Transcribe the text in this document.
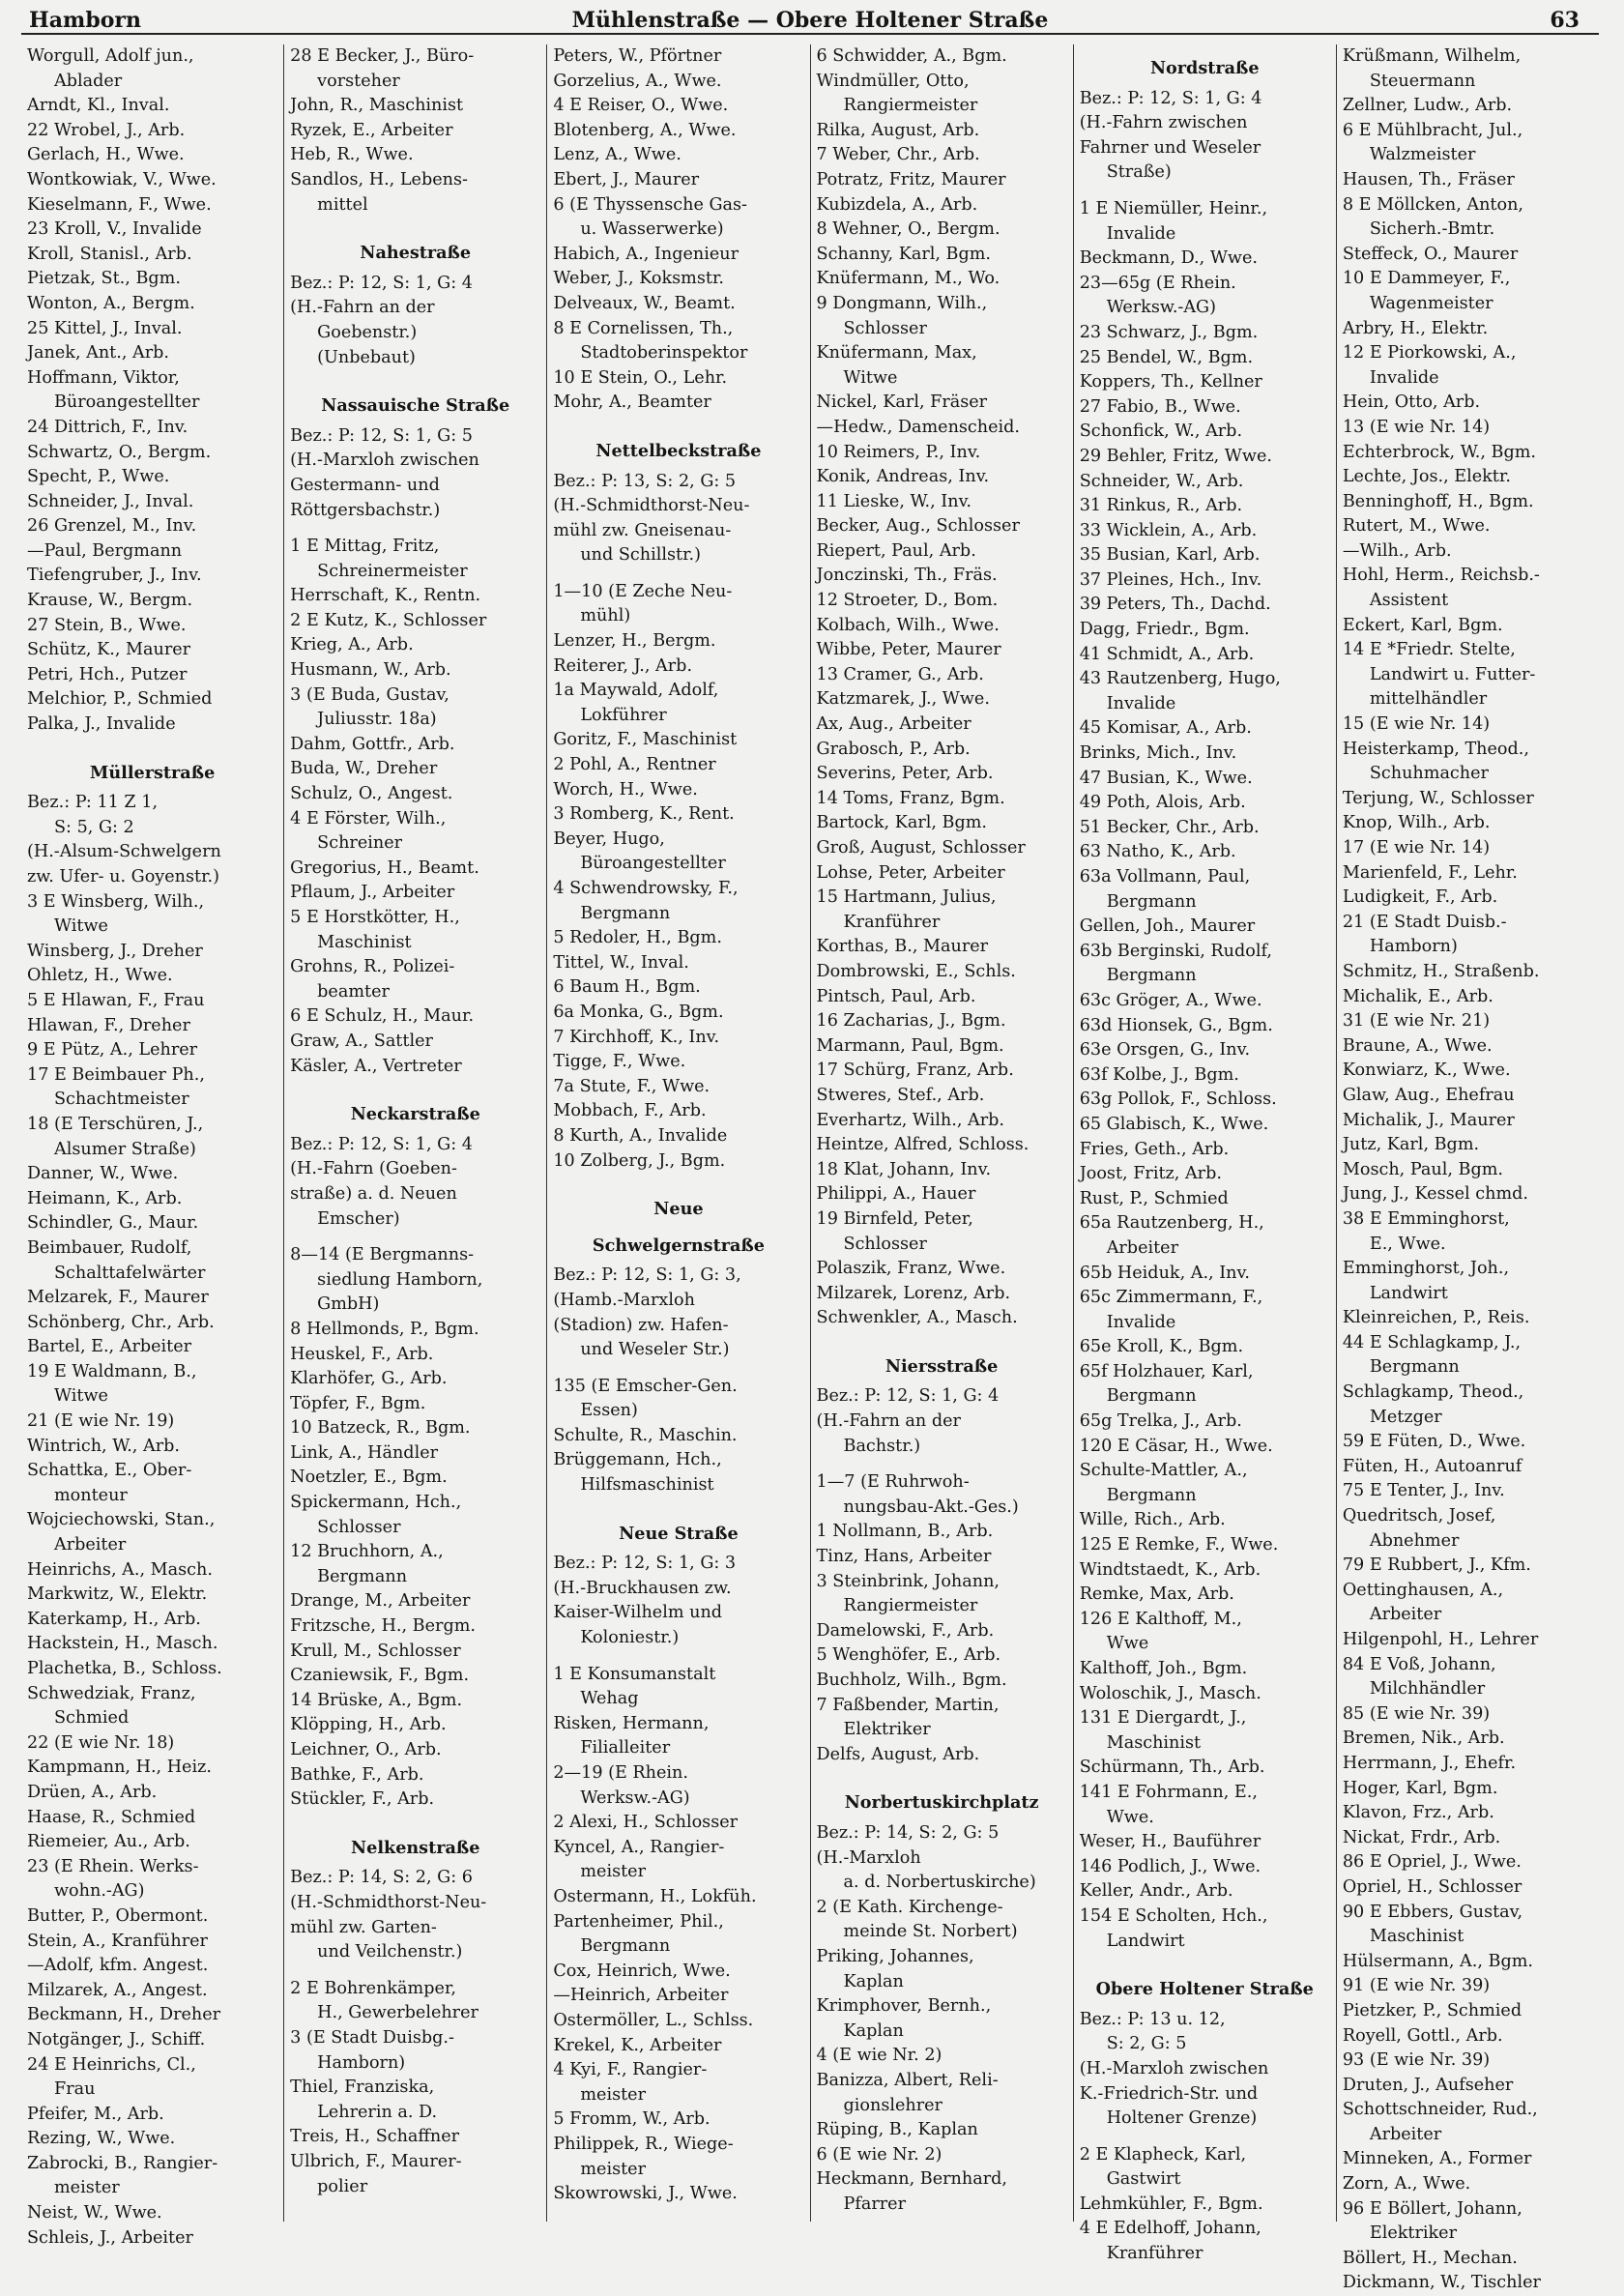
Hamborn	Mühlenstraße — Obere Holtener Straße	63
Worgull, Adolf jun.,
Ablader
Arndt, Kl., Inval.
22 Wrobel, J., Arb.
Gerlach, H., Wwe.
Wontkowiak, V., Wwe.
Kieselmann, F., Wwe.
23 Kroll, V., Invalide
Kroll, Stanisl., Arb.
Pietzak, St., Bgm.
Wonton, A., Bergm.
25 Kittel, J., Inval.
Janek, Ant., Arb.
Hoffmann, Viktor,
Büroangestellter
24 Dittrich, F., Inv.
Schwartz, O., Bergm.
Specht, P., Wwe.
Schneider, J., Inval.
26 Grenzel, M., Inv.
—Paul, Bergmann
Tiefengruber, J., Inv.
Krause, W., Bergm.
27 Stein, B., Wwe.
Schütz, K., Maurer
Petri, Hch., Putzer
Melchior, P., Schmied
Palka, J., Invalide
Müllerstraße
Bez.: P: 11 Z 1,
S: 5, G: 2
(H.-Alsum-Schwelgern
zw. Ufer- u. Goyenstr.)
3 E Winsberg, Wilh.,
Witwe
Winsberg, J., Dreher
Ohletz, H., Wwe.
5 E Hlawan, F., Frau
Hlawan, F., Dreher
9 E Pütz, A., Lehrer
17 E Beimbauer Ph.,
Schachtmeister
18 (E Terschüren, J.,
Alsumer Straße)
Danner, W., Wwe.
Heimann, K., Arb.
Schindler, G., Maur.
Beimbauer, Rudolf,
Schalttafelwärter
Melzarek, F., Maurer
Schönberg, Chr., Arb.
Bartel, E., Arbeiter
19 E Waldmann, B.,
Witwe
21 (E wie Nr. 19)
Wintrich, W., Arb.
Schattka, E., Ober-
monteur
Wojciechowski, Stan.,
Arbeiter
Heinrichs, A., Masch.
Markwitz, W., Elektr.
Katerkamp, H., Arb.
Hackstein, H., Masch.
Plachetka, B., Schloss.
Schwedziak, Franz,
Schmied
22 (E wie Nr. 18)
Kampmann, H., Heiz.
Drüen, A., Arb.
Haase, R., Schmied
Riemeier, Au., Arb.
23 (E Rhein. Werks-
wohn.-AG)
Butter, P., Obermont.
Stein, A., Kranführer
—Adolf, kfm. Angest.
Milzarek, A., Angest.
Beckmann, H., Dreher
Notgänger, J., Schiff.
24 E Heinrichs, Cl.,
Frau
Pfeifer, M., Arb.
Rezing, W., Wwe.
Zabrocki, B., Rangier-
meister
Neist, W., Wwe.
Schleis, J., Arbeiter
28 E Becker, J., Büro-
vorsteher
John, R., Maschinist
Ryzek, E., Arbeiter
Heb, R., Wwe.
Sandlos, H., Lebens-
mittel
Nahestraße
Bez.: P: 12, S: 1, G: 4
(H.-Fahrn an der
Goebenstr.)
(Unbebaut)
Nassauische Straße
Bez.: P: 12, S: 1, G: 5
(H.-Marxloh zwischen
Gestermann- und
Röttgersbachstr.)
1 E Mittag, Fritz,
Schreinermeister
Herrschaft, K., Rentn.
2 E Kutz, K., Schlosser
Krieg, A., Arb.
Husmann, W., Arb.
3 (E Buda, Gustav,
Juliusstr. 18a)
Dahm, Gottfr., Arb.
Buda, W., Dreher
Schulz, O., Angest.
4 E Förster, Wilh.,
Schreiner
Gregorius, H., Beamt.
Pflaum, J., Arbeiter
5 E Horstkötter, H.,
Maschinist
Grohns, R., Polizei-
beamter
6 E Schulz, H., Maur.
Graw, A., Sattler
Käsler, A., Vertreter
Neckarstraße
Bez.: P: 12, S: 1, G: 4
(H.-Fahrn (Goeben-
straße) a. d. Neuen
Emscher)
8—14 (E Bergmanns-
siedlung Hamborn,
GmbH)
8 Hellmonds, P., Bgm.
Heuskel, F., Arb.
Klarhöfer, G., Arb.
Töpfer, F., Bgm.
10 Batzeck, R., Bgm.
Link, A., Händler
Noetzler, E., Bgm.
Spickermann, Hch.,
Schlosser
12 Bruchhorn, A.,
Bergmann
Drange, M., Arbeiter
Fritzsche, H., Bergm.
Krull, M., Schlosser
Czaniewsik, F., Bgm.
14 Brüske, A., Bgm.
Klöpping, H., Arb.
Leichner, O., Arb.
Bathke, F., Arb.
Stückler, F., Arb.
Nelkenstraße
Bez.: P: 14, S: 2, G: 6
(H.-Schmidthorst-Neu-
mühl zw. Garten-
und Veilchenstr.)
2 E Bohrenkämper,
H., Gewerbelehrer
3 (E Stadt Duisbg.-
Hamborn)
Thiel, Franziska,
Lehrerin a. D.
Treis, H., Schaffner
Ulbrich, F., Maurer-
polier
Peters, W., Pförtner
Gorzelius, A., Wwe.
4 E Reiser, O., Wwe.
Blotenberg, A., Wwe.
Lenz, A., Wwe.
Ebert, J., Maurer
6 (E Thyssensche Gas-
u. Wasserwerke)
Habich, A., Ingenieur
Weber, J., Koksmstr.
Delveaux, W., Beamt.
8 E Cornelissen, Th.,
Stadtoberinspektor
10 E Stein, O., Lehr.
Mohr, A., Beamter
Nettelbeckstraße
Bez.: P: 13, S: 2, G: 5
(H.-Schmidthorst-Neu-
mühl zw. Gneisenau-
und Schillstr.)
1—10 (E Zeche Neu-
mühl)
Lenzer, H., Bergm.
Reiterer, J., Arb.
1a Maywald, Adolf,
Lokführer
Goritz, F., Maschinist
2 Pohl, A., Rentner
Worch, H., Wwe.
3 Romberg, K., Rent.
Beyer, Hugo,
Büroangestellter
4 Schwendrowsky, F.,
Bergmann
5 Redoler, H., Bgm.
Tittel, W., Inval.
6 Baum H., Bgm.
6a Monka, G., Bgm.
7 Kirchhoff, K., Inv.
Tigge, F., Wwe.
7a Stute, F., Wwe.
Mobbach, F., Arb.
8 Kurth, A., Invalide
10 Zolberg, J., Bgm.
Neue
Schwelgernstraße
Bez.: P: 12, S: 1, G: 3,
(Hamb.-Marxloh
(Stadion) zw. Hafen-
und Weseler Str.)
135 (E Emscher-Gen.
Essen)
Schulte, R., Maschin.
Brüggemann, Hch.,
Hilfsmaschinist
Neue Straße
Bez.: P: 12, S: 1, G: 3
(H.-Bruckhausen zw.
Kaiser-Wilhelm und
Koloniestr.)
1 E Konsumanstalt
Wehag
Risken, Hermann,
Filialleiter
2—19 (E Rhein.
Werksw.-AG)
2 Alexi, H., Schlosser
Kyncel, A., Rangier-
meister
Ostermann, H., Lokfüh.
Partenheimer, Phil.,
Bergmann
Cox, Heinrich, Wwe.
—Heinrich, Arbeiter
Ostermöller, L., Schlss.
Krekel, K., Arbeiter
4 Kyi, F., Rangier-
meister
5 Fromm, W., Arb.
Philippek, R., Wiege-
meister
Skowrowski, J., Wwe.
6 Schwidder, A., Bgm.
Windmüller, Otto,
Rangiermeister
Rilka, August, Arb.
7 Weber, Chr., Arb.
Potratz, Fritz, Maurer
Kubizdela, A., Arb.
8 Wehner, O., Bergm.
Schanny, Karl, Bgm.
Knüfermann, M., Wo.
9 Dongmann, Wilh.,
Schlosser
Knüfermann, Max,
Witwe
Nickel, Karl, Fräser
—Hedw., Damenscheid.
10 Reimers, P., Inv.
Konik, Andreas, Inv.
11 Lieske, W., Inv.
Becker, Aug., Schlosser
Riepert, Paul, Arb.
Jonczinski, Th., Fräs.
12 Stroeter, D., Bom.
Kolbach, Wilh., Wwe.
Wibbe, Peter, Maurer
13 Cramer, G., Arb.
Katzmarek, J., Wwe.
Ax, Aug., Arbeiter
Grabosch, P., Arb.
Severins, Peter, Arb.
14 Toms, Franz, Bgm.
Bartock, Karl, Bgm.
Groß, August, Schlosser
Lohse, Peter, Arbeiter
15 Hartmann, Julius,
Kranführer
Korthas, B., Maurer
Dombrowski, E., Schls.
Pintsch, Paul, Arb.
16 Zacharias, J., Bgm.
Marmann, Paul, Bgm.
17 Schürg, Franz, Arb.
Stweres, Stef., Arb.
Everhartz, Wilh., Arb.
Heintze, Alfred, Schloss.
18 Klat, Johann, Inv.
Philippi, A., Hauer
19 Birnfeld, Peter,
Schlosser
Polaszik, Franz, Wwe.
Milzarek, Lorenz, Arb.
Schwenkler, A., Masch.
Niersstraße
Bez.: P: 12, S: 1, G: 4
(H.-Fahrn an der
Bachstr.)
1—7 (E Ruhrwoh-
nungsbau-Akt.-Ges.)
1 Nollmann, B., Arb.
Tinz, Hans, Arbeiter
3 Steinbrink, Johann,
Rangiermeister
Damelowski, F., Arb.
5 Wenghöfer, E., Arb.
Buchholz, Wilh., Bgm.
7 Faßbender, Martin,
Elektriker
Delfs, August, Arb.
Norbertuskirchplatz
Bez.: P: 14, S: 2, G: 5
(H.-Marxloh
a. d. Norbertuskirche)
2 (E Kath. Kirchenge-
meinde St. Norbert)
Priking, Johannes,
Kaplan
Krimphover, Bernh.,
Kaplan
4 (E wie Nr. 2)
Banizza, Albert, Reli-
gionslehrer
Rüping, B., Kaplan
6 (E wie Nr. 2)
Heckmann, Bernhard,
Pfarrer
Nordstraße
Bez.: P: 12, S: 1, G: 4
(H.-Fahrn zwischen
Fahrner und Weseler
Straße)
1 E Niemüller, Heinr.,
Invalide
Beckmann, D., Wwe.
23—65g (E Rhein.
Werksw.-AG)
23 Schwarz, J., Bgm.
25 Bendel, W., Bgm.
Koppers, Th., Kellner
27 Fabio, B., Wwe.
Schonfick, W., Arb.
29 Behler, Fritz, Wwe.
Schneider, W., Arb.
31 Rinkus, R., Arb.
33 Wicklein, A., Arb.
35 Busian, Karl, Arb.
37 Pleines, Hch., Inv.
39 Peters, Th., Dachd.
Dagg, Friedr., Bgm.
41 Schmidt, A., Arb.
43 Rautzenberg, Hugo,
Invalide
45 Komisar, A., Arb.
Brinks, Mich., Inv.
47 Busian, K., Wwe.
49 Poth, Alois, Arb.
51 Becker, Chr., Arb.
63 Natho, K., Arb.
63a Vollmann, Paul,
Bergmann
Gellen, Joh., Maurer
63b Berginski, Rudolf,
Bergmann
63c Gröger, A., Wwe.
63d Hionsek, G., Bgm.
63e Orsgen, G., Inv.
63f Kolbe, J., Bgm.
63g Pollok, F., Schloss.
65 Glabisch, K., Wwe.
Fries, Geth., Arb.
Joost, Fritz, Arb.
Rust, P., Schmied
65a Rautzenberg, H.,
Arbeiter
65b Heiduk, A., Inv.
65c Zimmermann, F.,
Invalide
65e Kroll, K., Bgm.
65f Holzhauer, Karl,
Bergmann
65g Trelka, J., Arb.
120 E Cäsar, H., Wwe.
Schulte-Mattler, A.,
Bergmann
Wille, Rich., Arb.
125 E Remke, F., Wwe.
Windtstaedt, K., Arb.
Remke, Max, Arb.
126 E Kalthoff, M.,
Wwe
Kalthoff, Joh., Bgm.
Woloschik, J., Masch.
131 E Diergardt, J.,
Maschinist
Schürmann, Th., Arb.
141 E Fohrmann, E.,
Wwe.
Weser, H., Bauführer
146 Podlich, J., Wwe.
Keller, Andr., Arb.
154 E Scholten, Hch.,
Landwirt
Obere Holtener Straße
Bez.: P: 13 u. 12,
S: 2, G: 5
(H.-Marxloh zwischen
K.-Friedrich-Str. und
Holtener Grenze)
2 E Klapheck, Karl,
Gastwirt
Lehmkühler, F., Bgm.
4 E Edelhoff, Johann,
Kranführer
Krüßmann, Wilhelm,
Steuermann
Zellner, Ludw., Arb.
6 E Mühlbracht, Jul.,
Walzmeister
Hausen, Th., Fräser
8 E Möllcken, Anton,
Sicherh.-Bmtr.
Steffeck, O., Maurer
10 E Dammeyer, F.,
Wagenmeister
Arbry, H., Elektr.
12 E Piorkowski, A.,
Invalide
Hein, Otto, Arb.
13 (E wie Nr. 14)
Echterbrock, W., Bgm.
Lechte, Jos., Elektr.
Benninghoff, H., Bgm.
Rutert, M., Wwe.
—Wilh., Arb.
Hohl, Herm., Reichsb.-
Assistent
Eckert, Karl, Bgm.
14 E *Friedr. Stelte,
Landwirt u. Futter-
mittelhändler
15 (E wie Nr. 14)
Heisterkamp, Theod.,
Schuhmacher
Terjung, W., Schlosser
Knop, Wilh., Arb.
17 (E wie Nr. 14)
Marienfeld, F., Lehr.
Ludigkeit, F., Arb.
21 (E Stadt Duisb.-
Hamborn)
Schmitz, H., Straßenb.
Michalik, E., Arb.
31 (E wie Nr. 21)
Braune, A., Wwe.
Konwiarz, K., Wwe.
Glaw, Aug., Ehefrau
Michalik, J., Maurer
Jutz, Karl, Bgm.
Mosch, Paul, Bgm.
Jung, J., Kessel chmd.
38 E Emminghorst,
E., Wwe.
Emminghorst, Joh.,
Landwirt
Kleinreichen, P., Reis.
44 E Schlagkamp, J.,
Bergmann
Schlagkamp, Theod.,
Metzger
59 E Füten, D., Wwe.
Füten, H., Autoanruf
75 E Tenter, J., Inv.
Quedritsch, Josef,
Abnehmer
79 E Rubbert, J., Kfm.
Oettinghausen, A.,
Arbeiter
Hilgenpohl, H., Lehrer
84 E Voß, Johann,
Milchhändler
85 (E wie Nr. 39)
Bremen, Nik., Arb.
Herrmann, J., Ehefr.
Hoger, Karl, Bgm.
Klavon, Frz., Arb.
Nickat, Frdr., Arb.
86 E Opriel, J., Wwe.
Opriel, H., Schlosser
90 E Ebbers, Gustav,
Maschinist
Hülsermann, A., Bgm.
91 (E wie Nr. 39)
Pietzker, P., Schmied
Royell, Gottl., Arb.
93 (E wie Nr. 39)
Druten, J., Aufseher
Schottschneider, Rud.,
Arbeiter
Minneken, A., Former
Zorn, A., Wwe.
96 E Böllert, Johann,
Elektriker
Böllert, H., Mechan.
Dickmann, W., Tischler
